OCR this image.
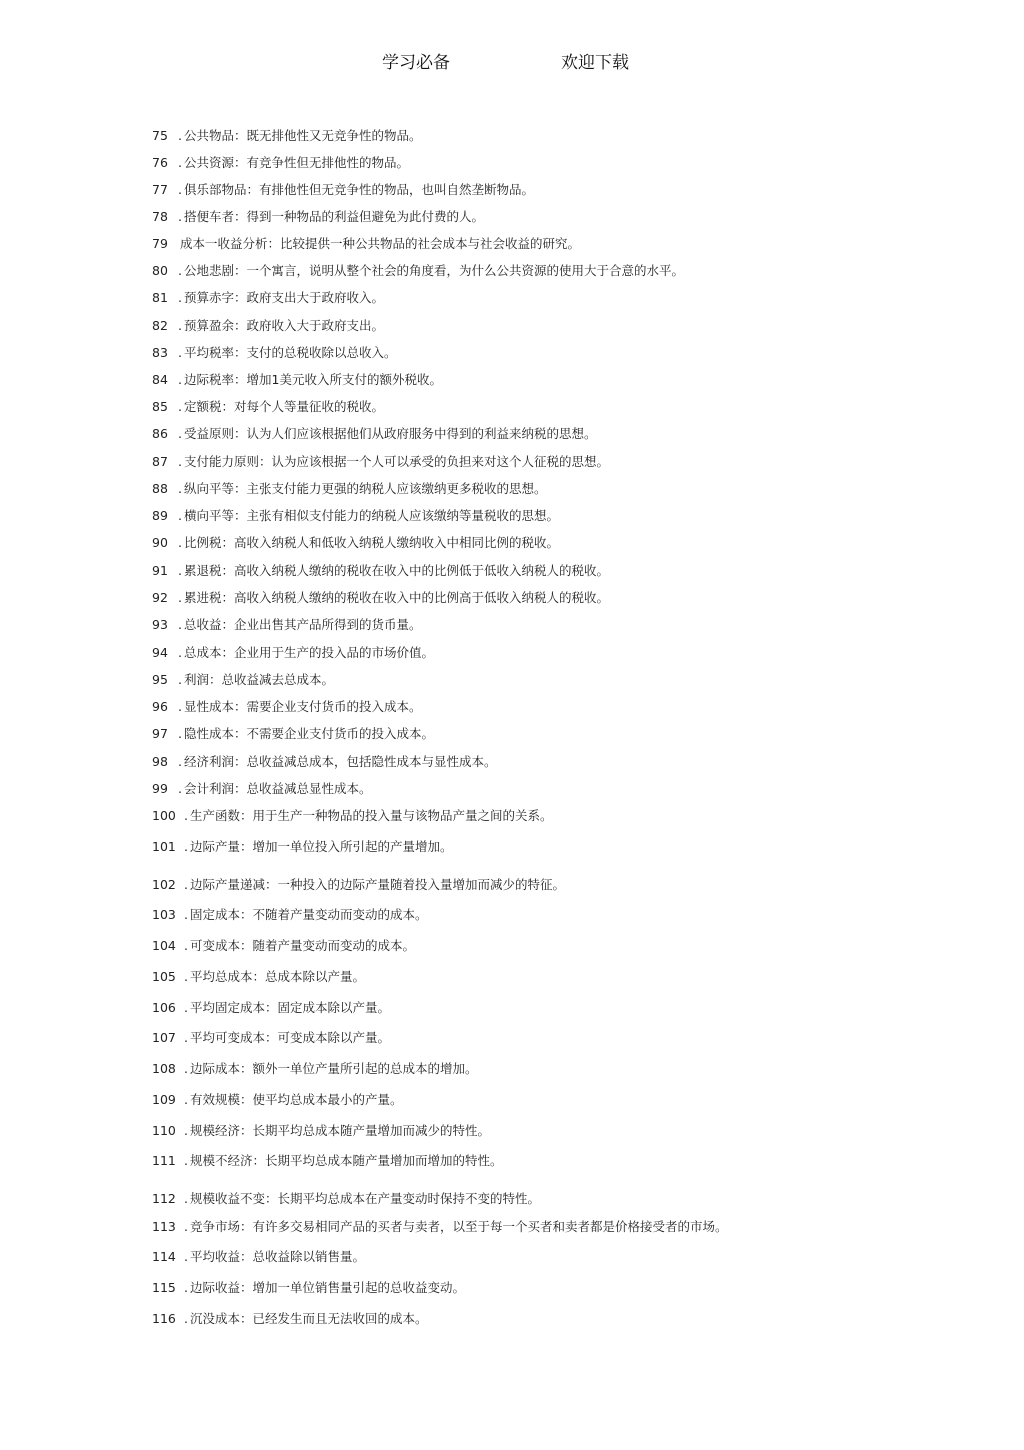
学习必备	欢迎下载
75 . 公共物品：既无排他性又无竞争性的物品。
76 . 公共资源：有竞争性但无排他性的物品。
77 . 俱乐部物品：有排他性但无竞争性的物品，也叫自然垄断物品。
78 . 搭便车者：得到一种物品的利益但避免为此付费的人。
79 成本一收益分析：比较提供一种公共物品的社会成本与社会收益的研究。
80 . 公地悲剧：一个寓言，说明从整个社会的角度看，为什么公共资源的使用大于合意的水平。
81 . 预算赤字：政府支出大于政府收入。
82 . 预算盈余：政府收入大于政府支出。
83 . 平均税率：支付的总税收除以总收入。
84 . 边际税率：增加1美元收入所支付的额外税收。
85 . 定额税：对每个人等量征收的税收。
86 . 受益原则：认为人们应该根据他们从政府服务中得到的利益来纳税的思想。
87 . 支付能力原则：认为应该根据一个人可以承受的负担来对这个人征税的思想。
88 . 纵向平等：主张支付能力更强的纳税人应该缴纳更多税收的思想。
89 . 横向平等：主张有相似支付能力的纳税人应该缴纳等量税收的思想。
90 . 比例税：高收入纳税人和低收入纳税人缴纳收入中相同比例的税收。
91 . 累退税：高收入纳税人缴纳的税收在收入中的比例低于低收入纳税人的税收。
92 . 累进税：高收入纳税人缴纳的税收在收入中的比例高于低收入纳税人的税收。
93 . 总收益：企业出售其产品所得到的货币量。
94 . 总成本：企业用于生产的投入品的市场价值。
95 . 利润：总收益减去总成本。
96 . 显性成本：需要企业支付货币的投入成本。
97 . 隐性成本：不需要企业支付货币的投入成本。
98 . 经济利润：总收益减总成本，包括隐性成本与显性成本。
99 . 会计利润：总收益减总显性成本。
100 . 生产函数：用于生产一种物品的投入量与该物品产量之间的关系。
101 . 边际产量：增加一单位投入所引起的产量增加。
102 . 边际产量递减：一种投入的边际产量随着投入量增加而减少的特征。
103 . 固定成本：不随着产量变动而变动的成本。
104 . 可变成本：随着产量变动而变动的成本。
105 . 平均总成本：总成本除以产量。
106 . 平均固定成本：固定成本除以产量。
107 . 平均可变成本：可变成本除以产量。
108 . 边际成本：额外一单位产量所引起的总成本的增加。
109 . 有效规模：使平均总成本最小的产量。
110 . 规模经济：长期平均总成本随产量增加而减少的特性。
111 . 规模不经济：长期平均总成本随产量增加而增加的特性。
112 . 规模收益不变：长期平均总成本在产量变动时保持不变的特性。
113 . 竞争市场：有许多交易相同产品的买者与卖者，以至于每一个买者和卖者都是价格接受者的市场。
114 . 平均收益：总收益除以销售量。
115 . 边际收益：增加一单位销售量引起的总收益变动。
116 . 沉没成本：已经发生而且无法收回的成本。
